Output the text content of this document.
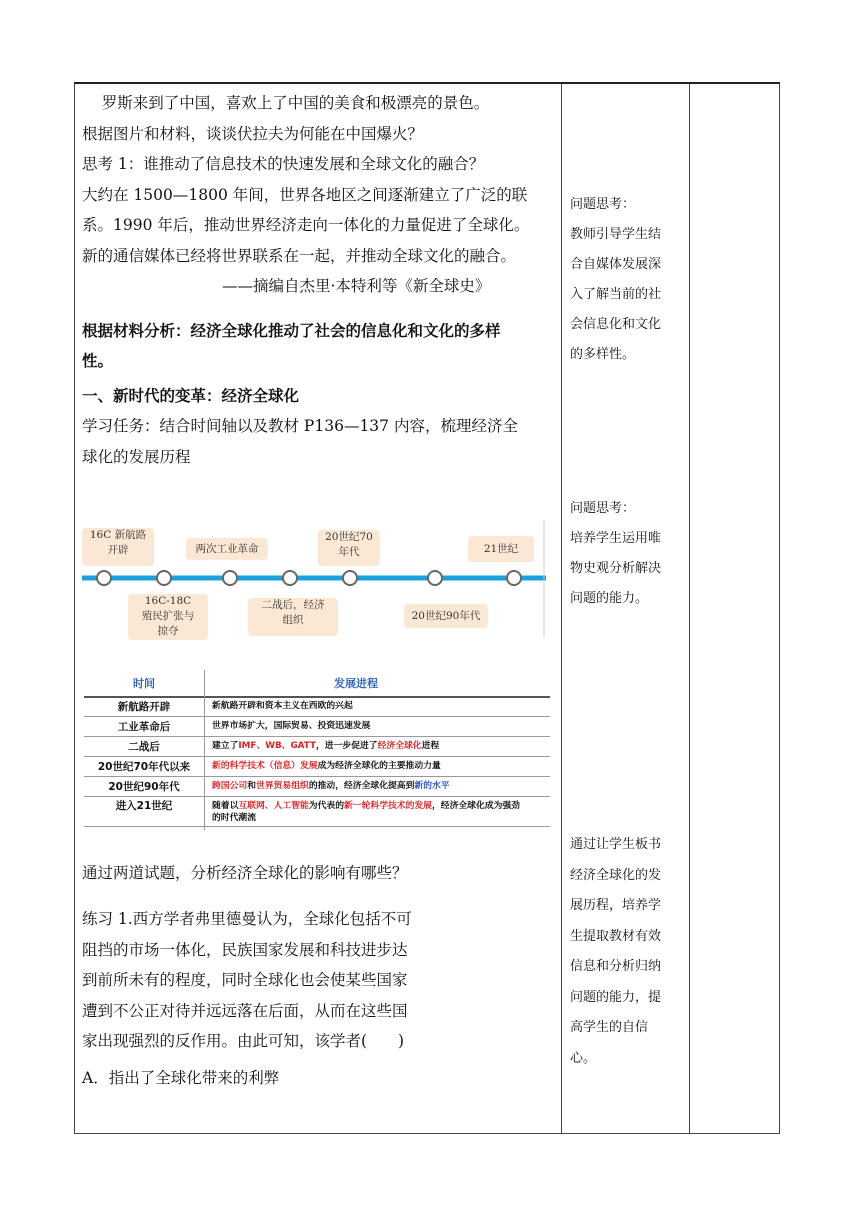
罗斯来到了中国，喜欢上了中国的美食和极漂亮的景色。
根据图片和材料，谈谈伏拉夫为何能在中国爆火？
思考 1：谁推动了信息技术的快速发展和全球文化的融合？
大约在 1500—1800 年间，世界各地区之间逐渐建立了广泛的联
系。1990 年后，推动世界经济走向一体化的力量促进了全球化。
新的通信媒体已经将世界联系在一起，并推动全球文化的融合。
——摘编自杰里·本特利等《新全球史》
根据材料分析：经济全球化推动了社会的信息化和文化的多样
性。
一、新时代的变革：经济全球化
学习任务：结合时间轴以及教材 P136—137 内容，梳理经济全
球化的发展历程
16C 新航路
开辟	两次工业革命
20世纪70
年代	21世纪
16C-18C
殖民扩张与
掠夺
二战后，经济
组织	20世纪90年代
时间	发展进程
新航路开辟	新航路开辟和资本主义在西欧的兴起
工业革命后	世界市场扩大，国际贸易、投资迅速发展
二战后	建立了IMF、WB、GATT，进一步促进了经济全球化进程
20世纪70年代以来	新的科学技术（信息）发展成为经济全球化的主要推动力量
20世纪90年代	跨国公司和世界贸易组织的推动，经济全球化提高到新的水平
进入21世纪	随着以互联网、人工智能为代表的新一轮科学技术的发展，经济全球化成为强劲
的时代潮流
通过两道试题，分析经济全球化的影响有哪些？
练习 1.西方学者弗里德曼认为，全球化包括不可
阻挡的市场一体化，民族国家发展和科技进步达
到前所未有的程度，同时全球化也会使某些国家
遭到不公正对待并远远落在后面，从而在这些国
家出现强烈的反作用。由此可知，该学者(　　)
A．指出了全球化带来的利弊
问题思考：
教师引导学生结
合自媒体发展深
入了解当前的社
会信息化和文化
的多样性。
问题思考：
培养学生运用唯
物史观分析解决
问题的能力。
通过让学生板书
经济全球化的发
展历程，培养学
生提取教材有效
信息和分析归纳
问题的能力，提
高学生的自信
心。
